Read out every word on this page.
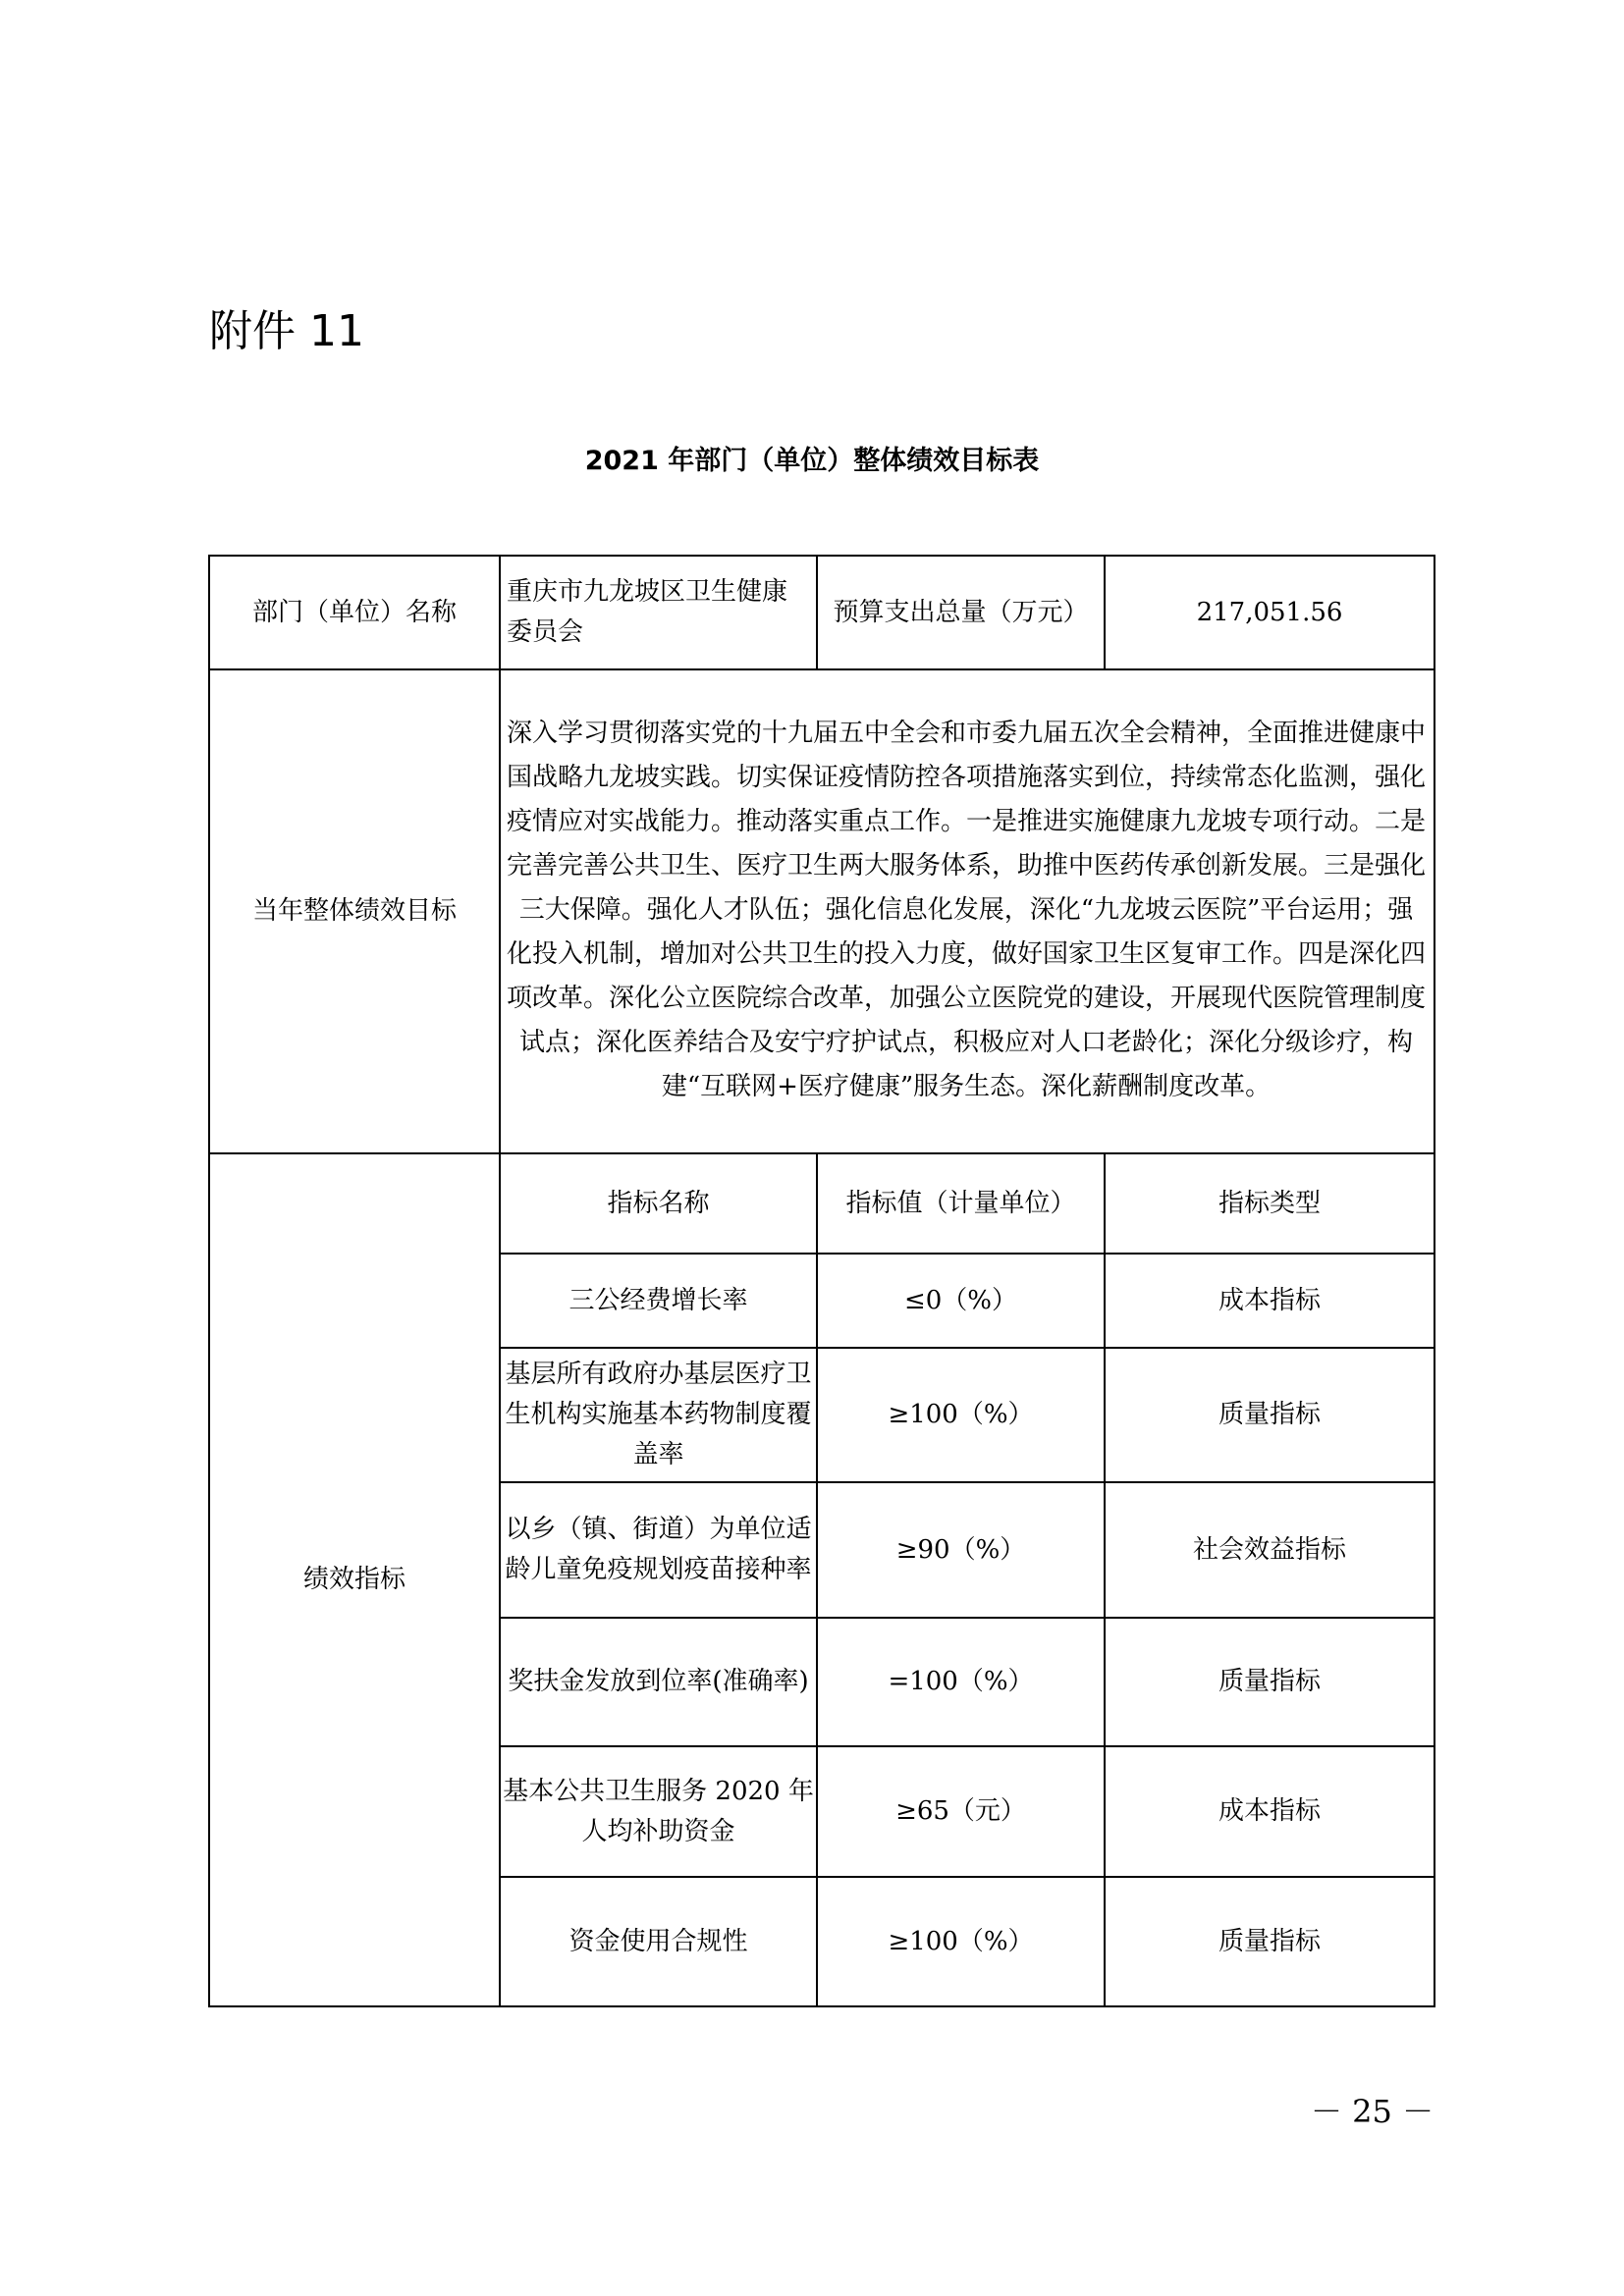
附件 11
2021 年部门（单位）整体绩效目标表
部门（单位）名称	重庆市九龙坡区卫生健康委员会	预算支出总量（万元）	217,051.56
当年整体绩效目标	深入学习贯彻落实党的十九届五中全会和市委九届五次全会精神，全面推进健康中国战略九龙坡实践。切实保证疫情防控各项措施落实到位，持续常态化监测，强化疫情应对实战能力。推动落实重点工作。一是推进实施健康九龙坡专项行动。二是完善完善公共卫生、医疗卫生两大服务体系，助推中医药传承创新发展。三是强化三大保障。强化人才队伍；强化信息化发展，深化“九龙坡云医院”平台运用；强化投入机制，增加对公共卫生的投入力度，做好国家卫生区复审工作。四是深化四项改革。深化公立医院综合改革，加强公立医院党的建设，开展现代医院管理制度试点；深化医养结合及安宁疗护试点，积极应对人口老龄化；深化分级诊疗，构建“互联网+医疗健康”服务生态。深化薪酬制度改革。		
绩效指标	指标名称	指标值（计量单位）	指标类型
	三公经费增长率	≤0（%）	成本指标
	基层所有政府办基层医疗卫生机构实施基本药物制度覆盖率	≥100（%）	质量指标
	以乡（镇、街道）为单位适龄儿童免疫规划疫苗接种率	≥90（%）	社会效益指标
	奖扶金发放到位率(准确率)	=100（%）	质量指标
	基本公共卫生服务 2020 年人均补助资金	≥65（元）	成本指标
	资金使用合规性	≥100（%）	质量指标
－ 25 －
